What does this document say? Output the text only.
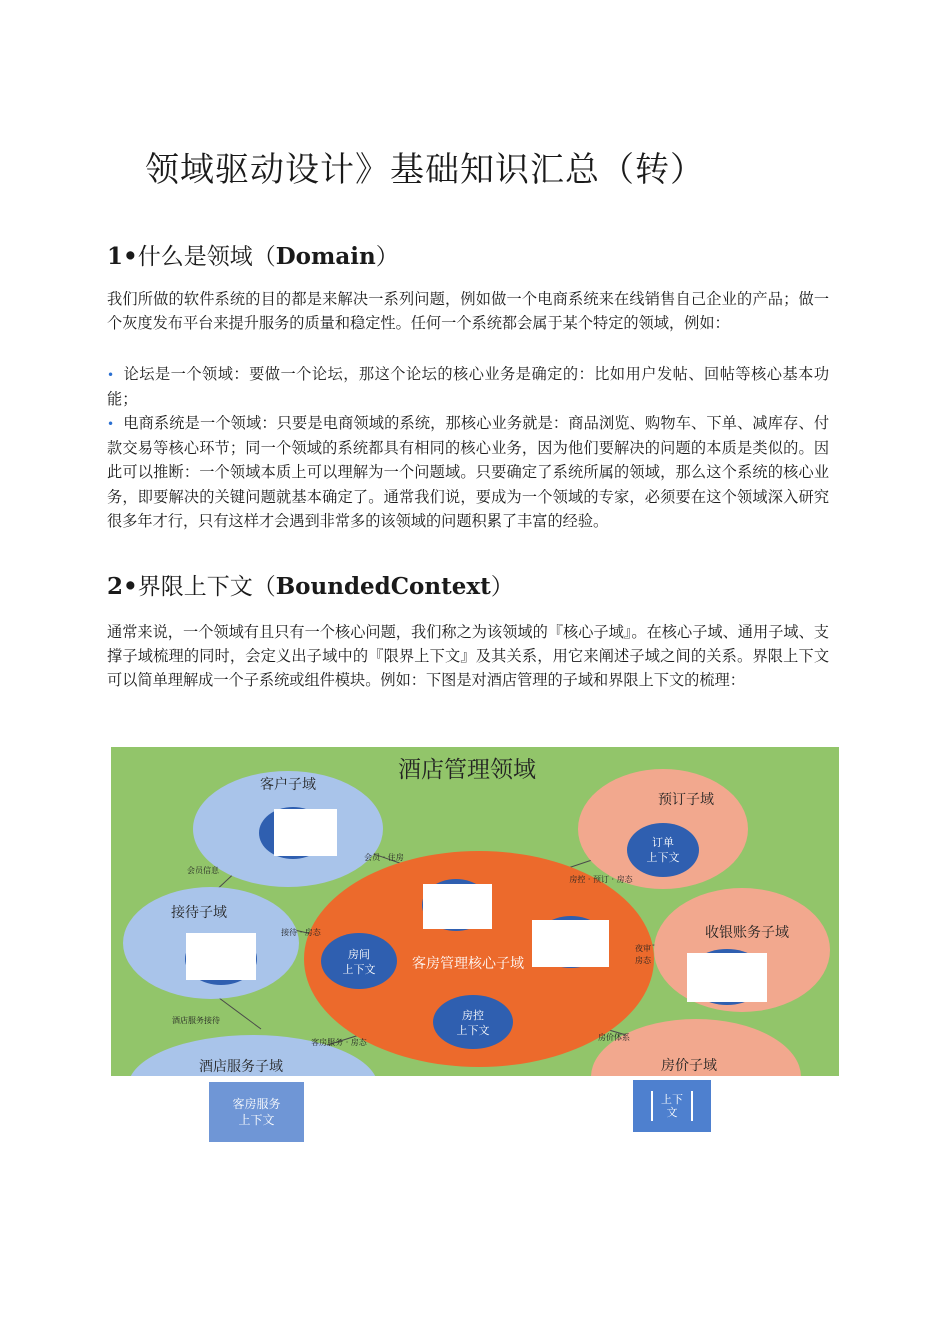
领域驱动设计》基础知识汇总（转）
1•什么是领域（Domain）

我们所做的软件系统的目的都是来解决一系列问题，例如做一个电商系统来在线销售自己企业的产品；做一个灰度发布平台来提升服务的质量和稳定性。任何一个系统都会属于某个特定的领域，例如：

• 论坛是一个领域：要做一个论坛，那这个论坛的核心业务是确定的：比如用户发帖、回帖等核心基本功能；

• 电商系统是一个领域：只要是电商领域的系统，那核心业务就是：商品浏览、购物车、下单、减库存、付款交易等核心环节；同一个领域的系统都具有相同的核心业务，因为他们要解决的问题的本质是类似的。因此可以推断：一个领域本质上可以理解为一个问题域。只要确定了系统所属的领域，那么这个系统的核心业务，即要解决的关键问题就基本确定了。通常我们说，要成为一个领域的专家，必须要在这个领域深入研究很多年才行，只有这样才会遇到非常多的该领域的问题积累了丰富的经验。

2•界限上下文（BoundedContext）

通常来说，一个领域有且只有一个核心问题，我们称之为该领域的『核心子域』。在核心子域、通用子域、支撑子域梳理的同时，会定义出子域中的『限界上下文』及其关系，用它来阐述子域之间的关系。界限上下文可以简单理解成一个子系统或组件模块。例如：下图是对酒店管理的子域和界限上下文的梳理：

酒店管理领域
客户子域
接待子域
酒店服务子域
预订子域
收银账务子域
房价子域
客房管理核心子域
房间
上下文
房控
上下文
订单
上下文
会员信息
会员 · 住房
接待 · 房态
房控 · 预订 · 房态
夜审
房态
酒店服务接待
客房服务 · 房态
房价体系
客房服务
上下文
上下
文
